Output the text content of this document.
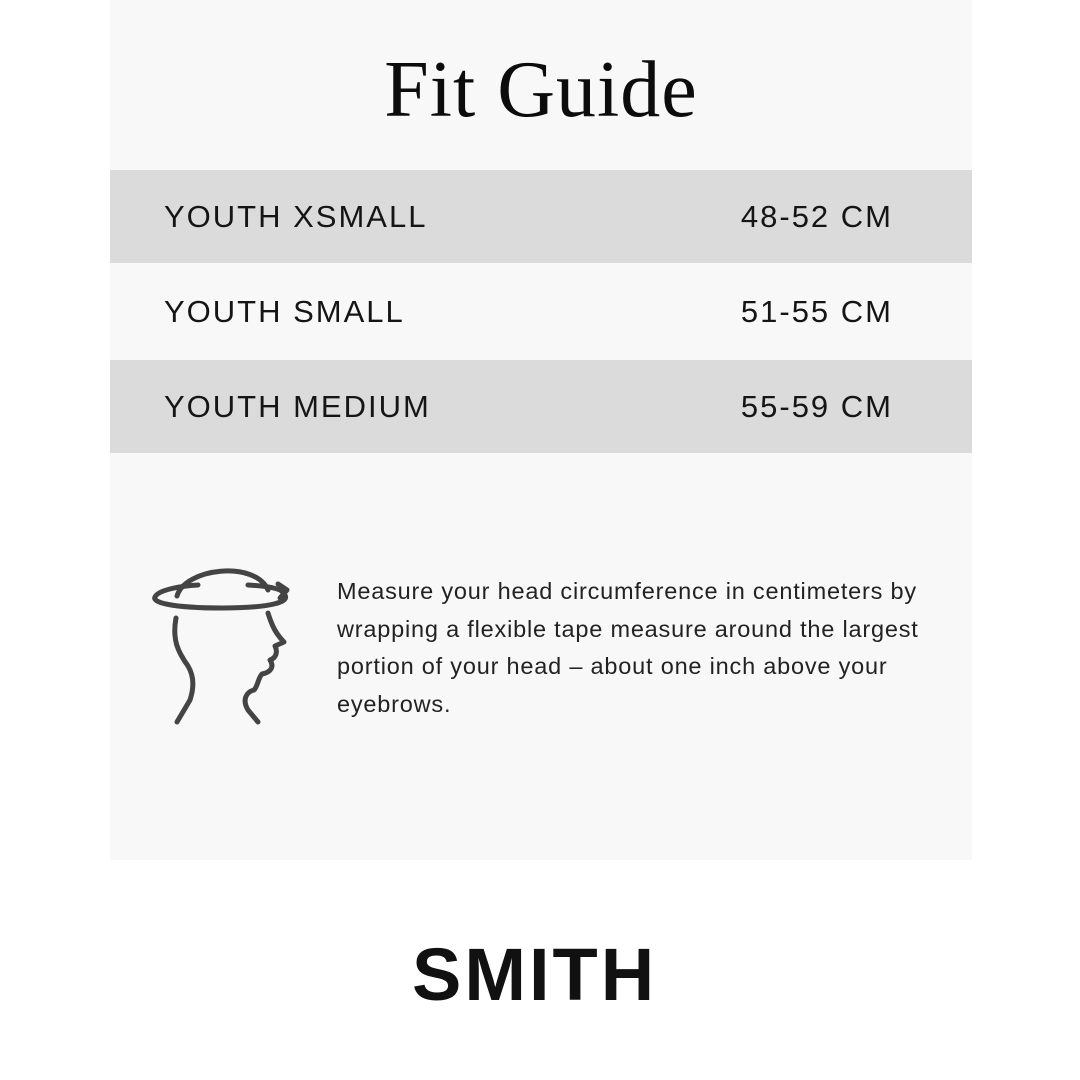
Fit Guide
YOUTH XSMALL	48-52 CM
YOUTH SMALL	51-55 CM
YOUTH MEDIUM	55-59 CM
Measure your head circumference in centimeters by wrapping a flexible tape measure around the largest portion of your head – about one inch above your eyebrows.
SMITH
